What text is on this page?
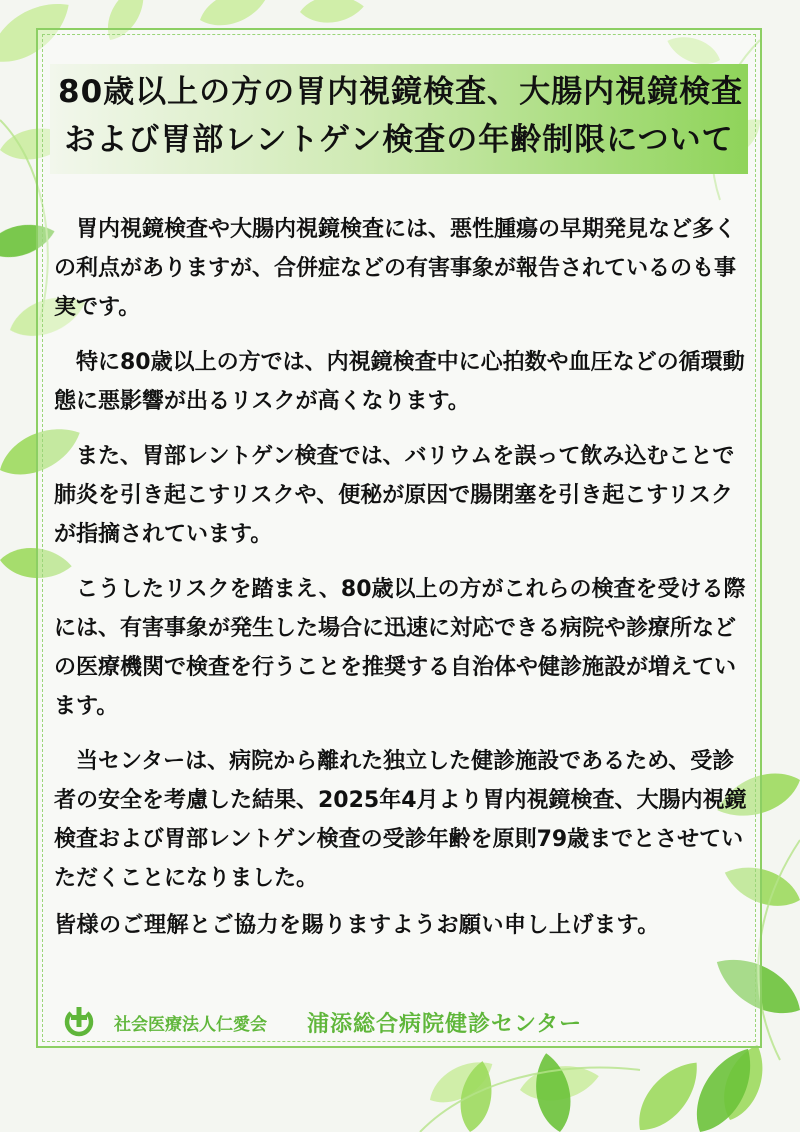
80歳以上の方の胃内視鏡検査、大腸内視鏡検査
および胃部レントゲン検査の年齢制限について

胃内視鏡検査や大腸内視鏡検査には、悪性腫瘍の早期発見など多くの利点がありますが、合併症などの有害事象が報告されているのも事実です。

特に80歳以上の方では、内視鏡検査中に心拍数や血圧などの循環動態に悪影響が出るリスクが高くなります。

また、胃部レントゲン検査では、バリウムを誤って飲み込むことで肺炎を引き起こすリスクや、便秘が原因で腸閉塞を引き起こすリスクが指摘されています。

こうしたリスクを踏まえ、80歳以上の方がこれらの検査を受ける際には、有害事象が発生した場合に迅速に対応できる病院や診療所などの医療機関で検査を行うことを推奨する自治体や健診施設が増えています。

当センターは、病院から離れた独立した健診施設であるため、受診者の安全を考慮した結果、2025年4月より胃内視鏡検査、大腸内視鏡検査および胃部レントゲン検査の受診年齢を原則79歳までとさせていただくことになりました。

皆様のご理解とご協力を賜りますようお願い申し上げます。

社会医療法人仁愛会 浦添総合病院健診センター
